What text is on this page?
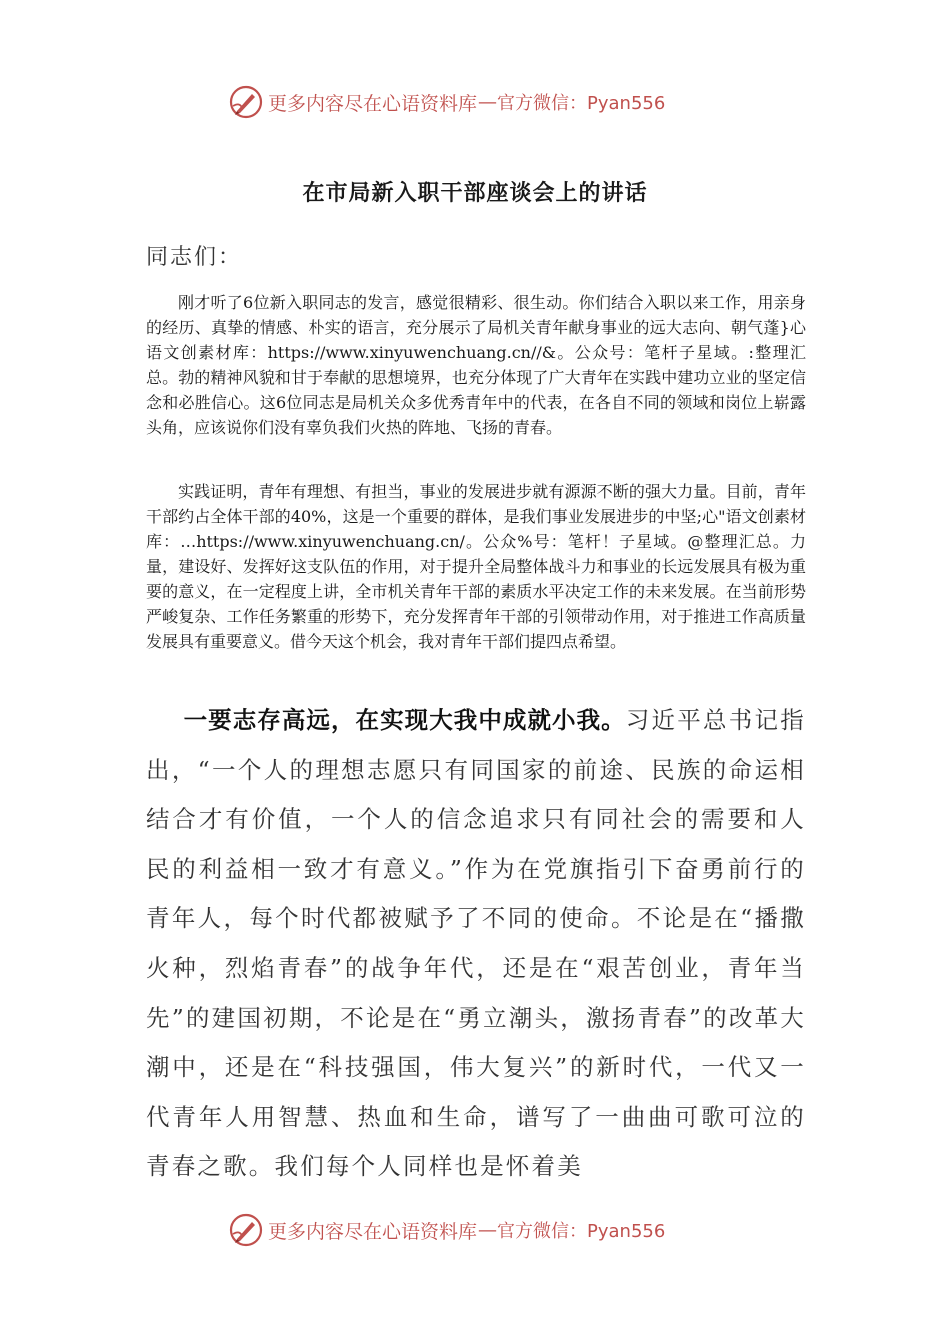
更多内容尽在心语资料库 — 官方微信：Pyan556
在市局新入职干部座谈会上的讲话
同志们：

刚才听了6位新入职同志的发言，感觉很精彩、很生动。你们结合入职以来工作，用亲身的经历、真挚的情感、朴实的语言，充分展示了局机关青年献身事业的远大志向、朝气蓬}心语文创素材库：https://www.xinyuwenchuang.cn//&。公众号：笔杆子星域。:整理汇总。勃的精神风貌和甘于奉献的思想境界，也充分体现了广大青年在实践中建功立业的坚定信念和必胜信心。这6位同志是局机关众多优秀青年中的代表，在各自不同的领域和岗位上崭露头角，应该说你们没有辜负我们火热的阵地、飞扬的青春。

实践证明，青年有理想、有担当，事业的发展进步就有源源不断的强大力量。目前，青年干部约占全体干部的40%，这是一个重要的群体，是我们事业发展进步的中坚;心"语文创素材库：…https://www.xinyuwenchuang.cn/。公众%号：笔杆！子星域。@整理汇总。力量，建设好、发挥好这支队伍的作用，对于提升全局整体战斗力和事业的长远发展具有极为重要的意义，在一定程度上讲，全市机关青年干部的素质水平决定工作的未来发展。在当前形势严峻复杂、工作任务繁重的形势下，充分发挥青年干部的引领带动作用，对于推进工作高质量发展具有重要意义。借今天这个机会，我对青年干部们提四点希望。

一要志存高远，在实现大我中成就小我。习近平总书记指出，“一个人的理想志愿只有同国家的前途、民族的命运相结合才有价值，一个人的信念追求只有同社会的需要和人民的利益相一致才有意义。”作为在党旗指引下奋勇前行的青年人，每个时代都被赋予了不同的使命。不论是在“播撒火种，烈焰青春”的战争年代，还是在“艰苦创业，青年当先”的建国初期，不论是在“勇立潮头，激扬青春”的改革大潮中，还是在“科技强国，伟大复兴”的新时代，一代又一代青年人用智慧、热血和生命，谱写了一曲曲可歌可泣的青春之歌。我们每个人同样也是怀着美

更多内容尽在心语资料库 — 官方微信：Pyan556
